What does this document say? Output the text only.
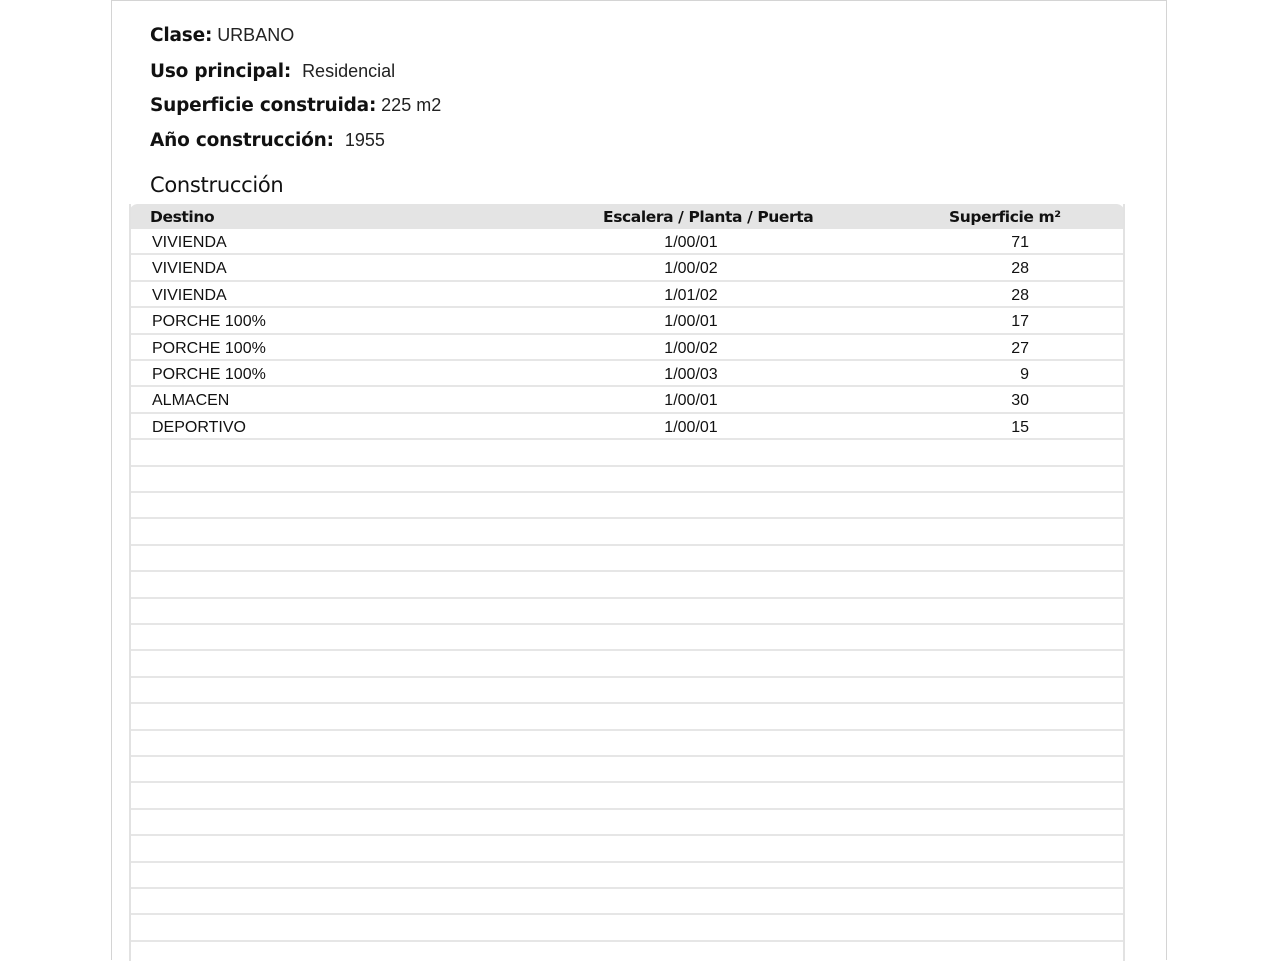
Clase: URBANO
Uso principal: Residencial
Superficie construida: 225 m2
Año construcción: 1955
Construcción
Destino	Escalera / Planta / Puerta	Superficie m²
VIVIENDA	1/00/01	71
VIVIENDA	1/00/02	28
VIVIENDA	1/01/02	28
PORCHE 100%	1/00/01	17
PORCHE 100%	1/00/02	27
PORCHE 100%	1/00/03	9
ALMACEN	1/00/01	30
DEPORTIVO	1/00/01	15
